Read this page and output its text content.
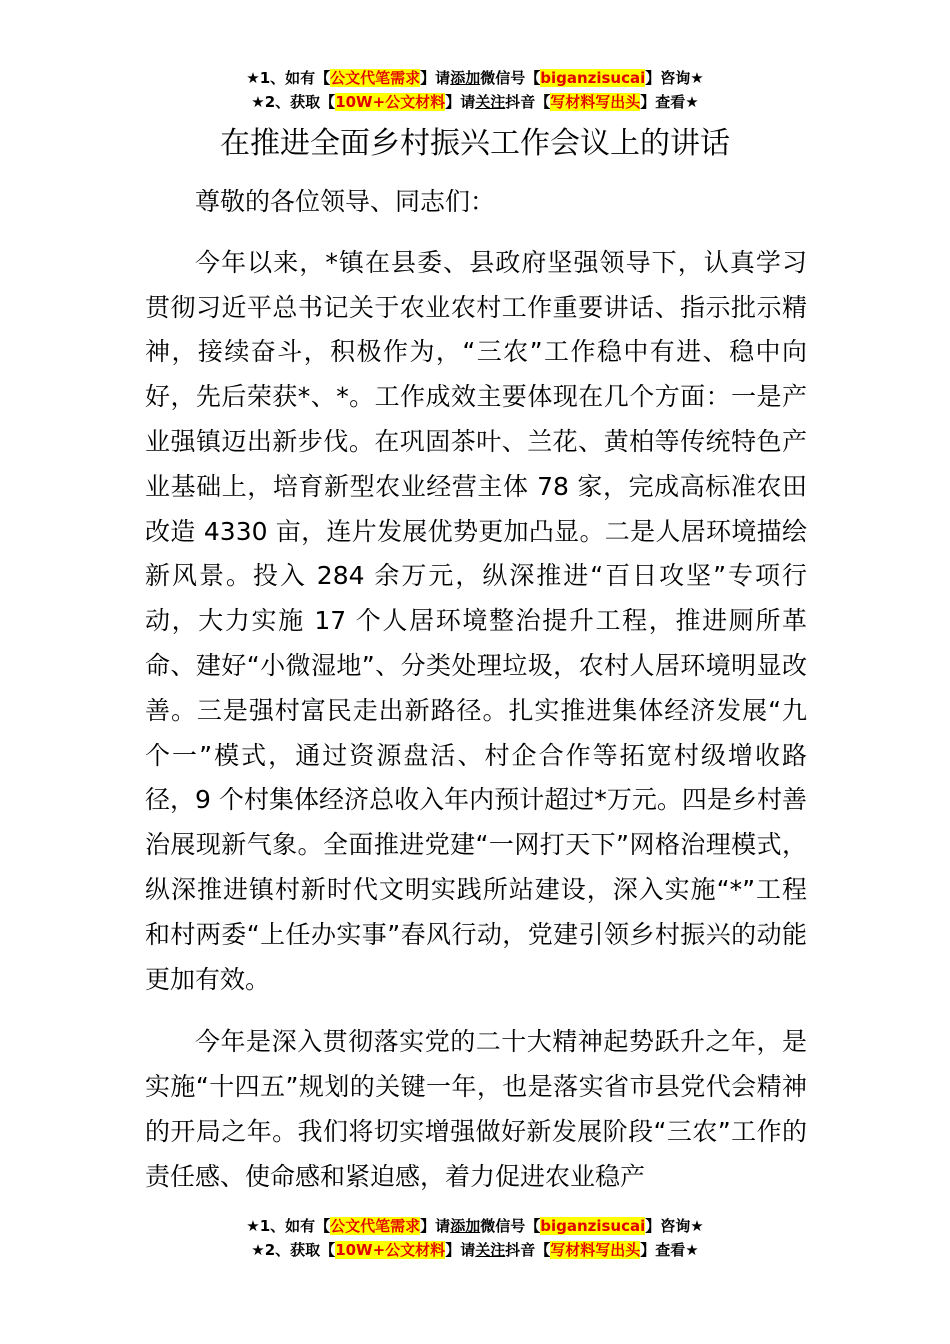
★1、如有【公文代笔需求】请添加微信号【biganzisucai】咨询★
★2、获取【10W+公文材料】请关注抖音【写材料写出头】查看★
在推进全面乡村振兴工作会议上的讲话

尊敬的各位领导、同志们：

今年以来，*镇在县委、县政府坚强领导下，认真学习贯彻习近平总书记关于农业农村工作重要讲话、指示批示精神，接续奋斗，积极作为，“三农”工作稳中有进、稳中向好，先后荣获*、*。工作成效主要体现在几个方面：一是产业强镇迈出新步伐。在巩固茶叶、兰花、黄柏等传统特色产业基础上，培育新型农业经营主体 78 家，完成高标准农田改造 4330 亩，连片发展优势更加凸显。二是人居环境描绘新风景。投入 284 余万元，纵深推进“百日攻坚”专项行动，大力实施 17 个人居环境整治提升工程，推进厕所革命、建好“小微湿地”、分类处理垃圾，农村人居环境明显改善。三是强村富民走出新路径。扎实推进集体经济发展“九个一”模式，通过资源盘活、村企合作等拓宽村级增收路径，9 个村集体经济总收入年内预计超过*万元。四是乡村善治展现新气象。全面推进党建“一网打天下”网格治理模式，纵深推进镇村新时代文明实践所站建设，深入实施“*”工程和村两委“上任办实事”春风行动，党建引领乡村振兴的动能更加有效。

今年是深入贯彻落实党的二十大精神起势跃升之年，是实施“十四五”规划的关键一年，也是落实省市县党代会精神的开局之年。我们将切实增强做好新发展阶段“三农”工作的责任感、使命感和紧迫感，着力促进农业稳产

★1、如有【公文代笔需求】请添加微信号【biganzisucai】咨询★
★2、获取【10W+公文材料】请关注抖音【写材料写出头】查看★
